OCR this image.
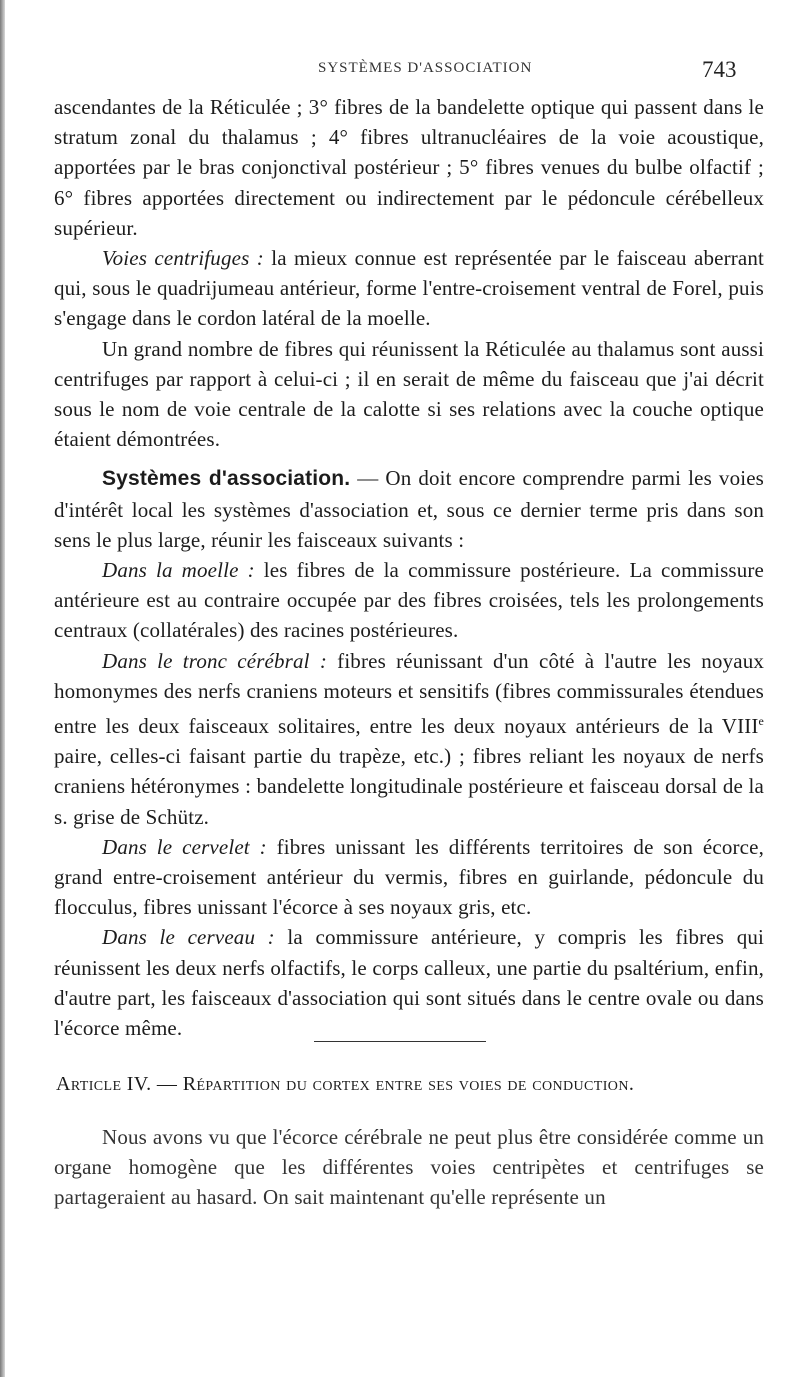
SYSTÈMES D'ASSOCIATION	743

ascendantes de la Réticulée ; 3° fibres de la bandelette optique qui passent dans le stratum zonal du thalamus ; 4° fibres ultranucléaires de la voie acoustique, apportées par le bras conjonctival postérieur ; 5° fibres venues du bulbe olfactif ; 6° fibres apportées directement ou indirectement par le pédoncule cérébelleux supérieur.

Voies centrifuges : la mieux connue est représentée par le faisceau aberrant qui, sous le quadrijumeau antérieur, forme l'entre-croisement ventral de Forel, puis s'engage dans le cordon latéral de la moelle.

Un grand nombre de fibres qui réunissent la Réticulée au thalamus sont aussi centrifuges par rapport à celui-ci ; il en serait de même du faisceau que j'ai décrit sous le nom de voie centrale de la calotte si ses relations avec la couche optique étaient démontrées.

Systèmes d'association. — On doit encore comprendre parmi les voies d'intérêt local les systèmes d'association et, sous ce dernier terme pris dans son sens le plus large, réunir les faisceaux suivants :

Dans la moelle : les fibres de la commissure postérieure. La commissure antérieure est au contraire occupée par des fibres croisées, tels les prolongements centraux (collatérales) des racines postérieures.

Dans le tronc cérébral : fibres réunissant d'un côté à l'autre les noyaux homonymes des nerfs craniens moteurs et sensitifs (fibres commissurales étendues entre les deux faisceaux solitaires, entre les deux noyaux antérieurs de la VIIIe paire, celles-ci faisant partie du trapèze, etc.) ; fibres reliant les noyaux de nerfs craniens hétéronymes : bandelette longitudinale postérieure et faisceau dorsal de la s. grise de Schütz.

Dans le cervelet : fibres unissant les différents territoires de son écorce, grand entre-croisement antérieur du vermis, fibres en guirlande, pédoncule du flocculus, fibres unissant l'écorce à ses noyaux gris, etc.

Dans le cerveau : la commissure antérieure, y compris les fibres qui réunissent les deux nerfs olfactifs, le corps calleux, une partie du psaltérium, enfin, d'autre part, les faisceaux d'association qui sont situés dans le centre ovale ou dans l'écorce même.

Article IV. — Répartition du cortex entre ses voies de conduction.

Nous avons vu que l'écorce cérébrale ne peut plus être considérée comme un organe homogène que les différentes voies centripètes et centrifuges se partageraient au hasard. On sait maintenant qu'elle représente un
